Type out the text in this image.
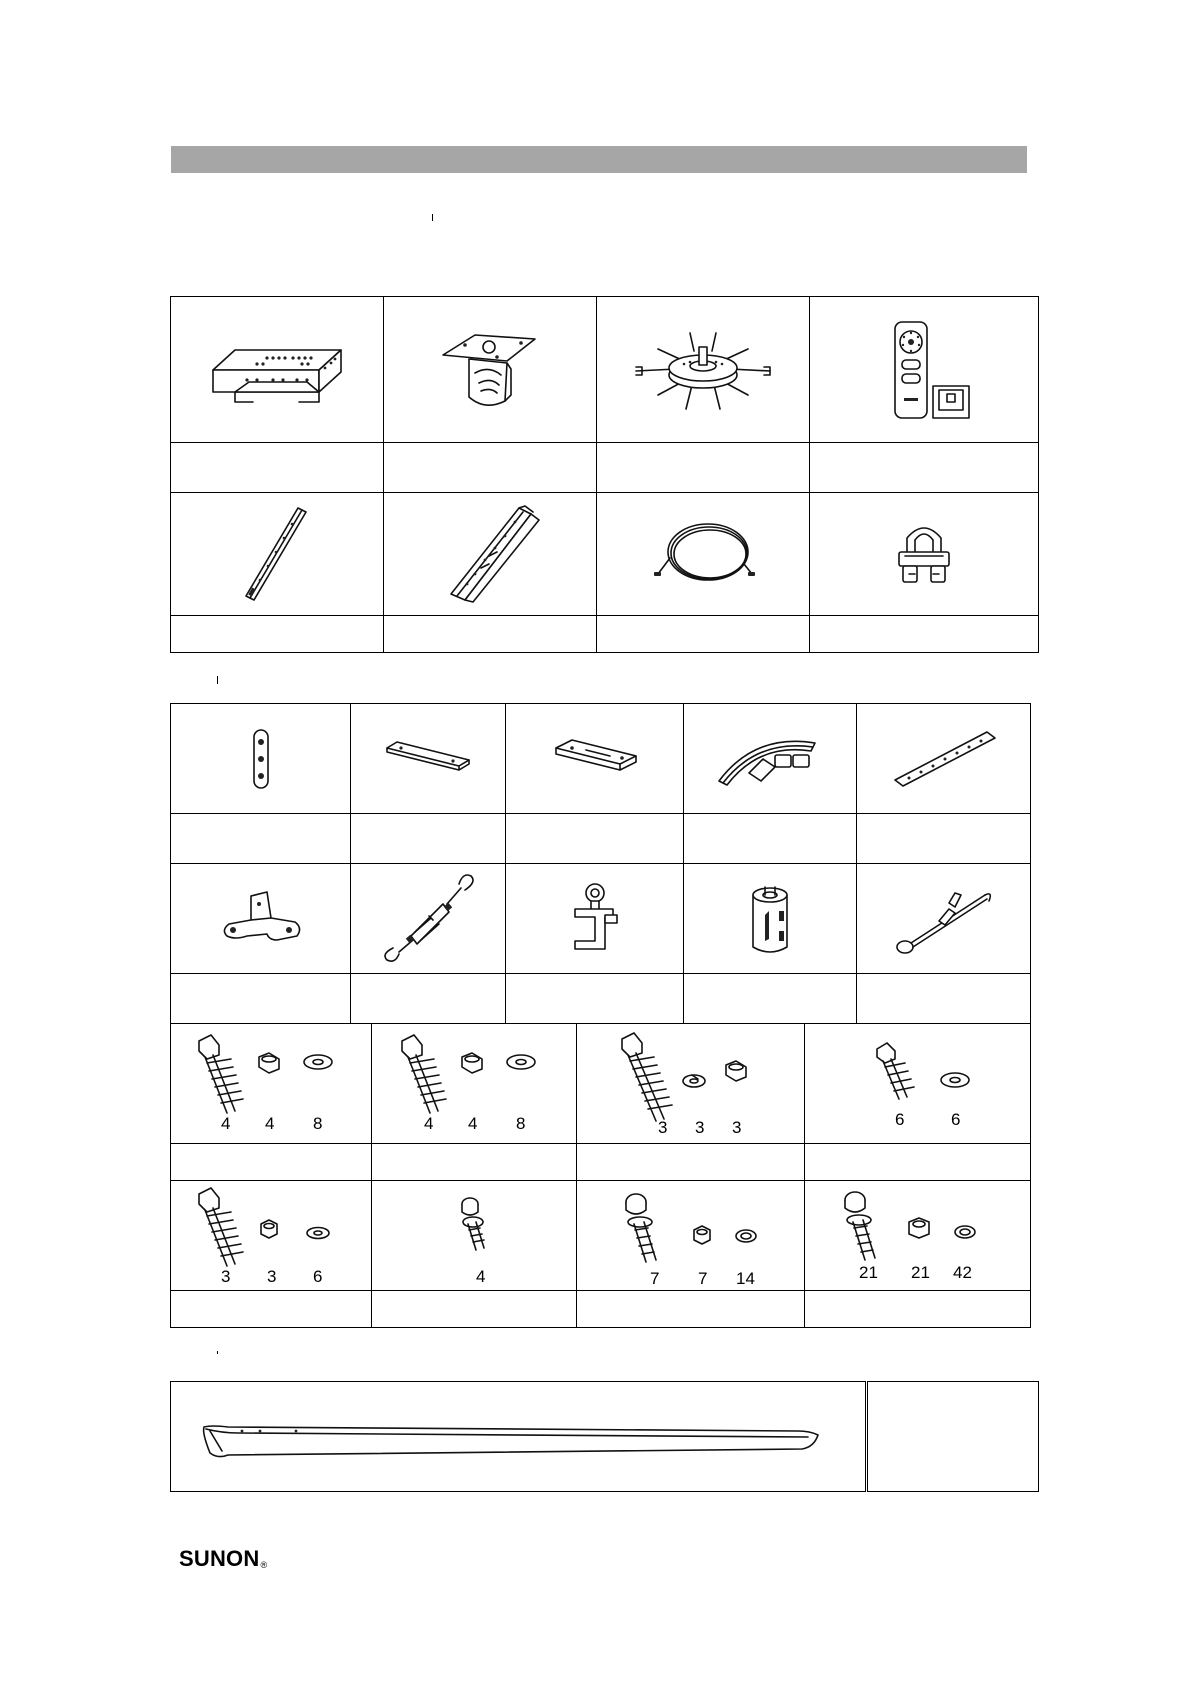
4 4 8	4 4 8	3 3 3	6 6

3 3 6	4	7 7 14	21 21 42

SUNON®
